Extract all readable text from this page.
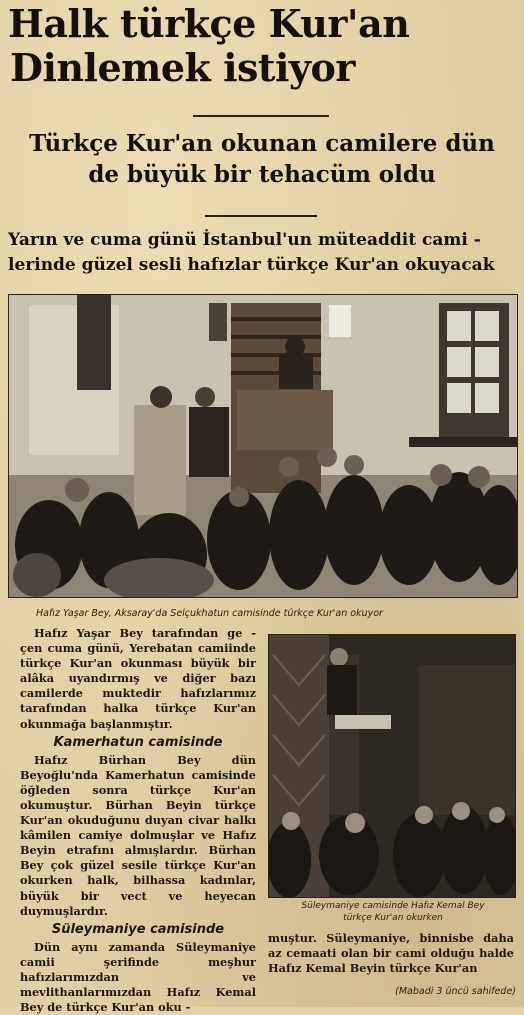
Halk türkçe Kur'an
Dinlemek istiyor
Türkçe Kur'an okunan camilere dün
de büyük bir tehacüm oldu
Yarın ve cuma günü İstanbul'un müteaddit cami -
lerinde güzel sesli hafızlar türkçe Kur'an okuyacak
Hafız Yaşar Bey, Aksaray'da Selçukhatun camisinde türkçe Kur'an okuyor

Hafız Yaşar Bey tarafından ge - çen cuma günü, Yerebatan camiinde türkçe Kur'an okunması büyük bir alâka uyandırmış ve diğer bazı camilerde muktedir hafızlarımız tarafından halka türkçe Kur'an okunmağa başlanmıştır.

Kamerhatun camisinde

Hafız Bürhan Bey dün Beyoğlu'nda Kamerhatun camisinde öğleden sonra türkçe Kur'an okumuştur. Bürhan Beyin türkçe Kur'an okuduğunu duyan civar halkı kâmilen camiye dolmuşlar ve Hafız Beyin etrafını almışlardır. Bürhan Bey çok güzel sesile türkçe Kur'an okurken halk, bilhassa kadınlar, büyük bir vect ve heyecan duymuşlardır.

Süleymaniye camisinde

Dün aynı zamanda Süleymaniye camii şerifinde meşhur hafızlarımızdan ve mevlithanlarımızdan Hafız Kemal Bey de türkçe Kur'an oku -

Süleymaniye camisinde Hafız Kemal Bey
türkçe Kur'an okurken

muştur. Süleymaniye, binnisbe daha az cemaati olan bir cami olduğu halde Hafız Kemal Beyin türkçe Kur'an

(Mabadi 3 üncü sahifede)
